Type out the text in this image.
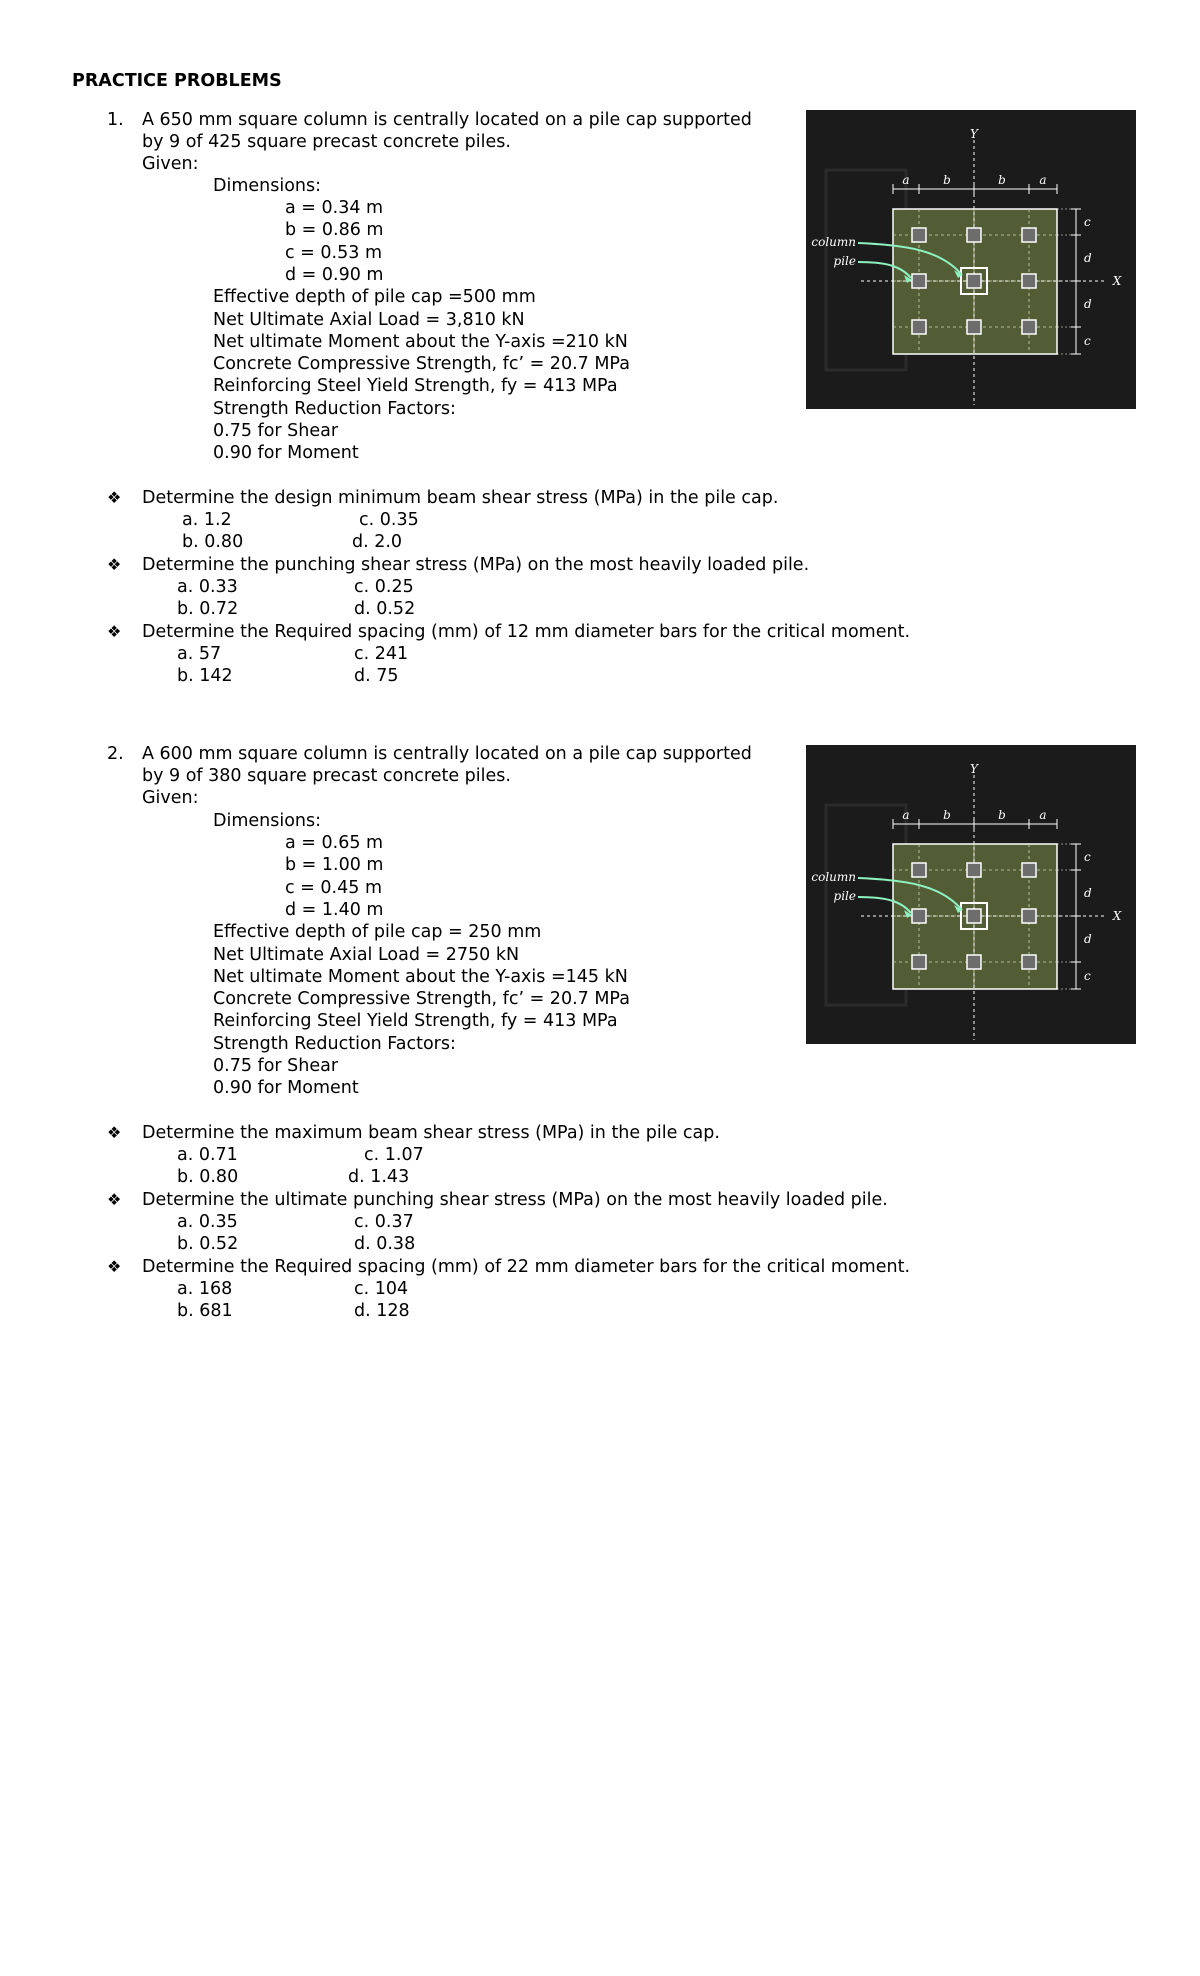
PRACTICE PROBLEMS
1. A 650 mm square column is centrally located on a pile cap supported
by 9 of 425 square precast concrete piles.
Given:
Dimensions:
a = 0.34 m
b = 0.86 m
c = 0.53 m
d = 0.90 m
Effective depth of pile cap =500 mm
Net Ultimate Axial Load = 3,810 kN
Net ultimate Moment about the Y-axis =210 kN
Concrete Compressive Strength, fc’ = 20.7 MPa
Reinforcing Steel Yield Strength, fy = 413 MPa
Strength Reduction Factors:
0.75 for Shear
0.90 for Moment
❖ Determine the design minimum beam shear stress (MPa) in the pile cap.
a. 1.2	c. 0.35
b. 0.80	d. 2.0
❖ Determine the punching shear stress (MPa) on the most heavily loaded pile.
a. 0.33	c. 0.25
b. 0.72	d. 0.52
❖ Determine the Required spacing (mm) of 12 mm diameter bars for the critical moment.
a. 57	c. 241
b. 142	d. 75
Y
X
a	b	b	a
c
d
d
c
column
pile
2. A 600 mm square column is centrally located on a pile cap supported
by 9 of 380 square precast concrete piles.
Given:
Dimensions:
a = 0.65 m
b = 1.00 m
c = 0.45 m
d = 1.40 m
Effective depth of pile cap = 250 mm
Net Ultimate Axial Load = 2750 kN
Net ultimate Moment about the Y-axis =145 kN
Concrete Compressive Strength, fc’ = 20.7 MPa
Reinforcing Steel Yield Strength, fy = 413 MPa
Strength Reduction Factors:
0.75 for Shear
0.90 for Moment
❖ Determine the maximum beam shear stress (MPa) in the pile cap.
a. 0.71	c. 1.07
b. 0.80	d. 1.43
❖ Determine the ultimate punching shear stress (MPa) on the most heavily loaded pile.
a. 0.35	c. 0.37
b. 0.52	d. 0.38
❖ Determine the Required spacing (mm) of 22 mm diameter bars for the critical moment.
a. 168	c. 104
b. 681	d. 128
Y
X
a	b	b	a
c
d
d
c
column
pile
